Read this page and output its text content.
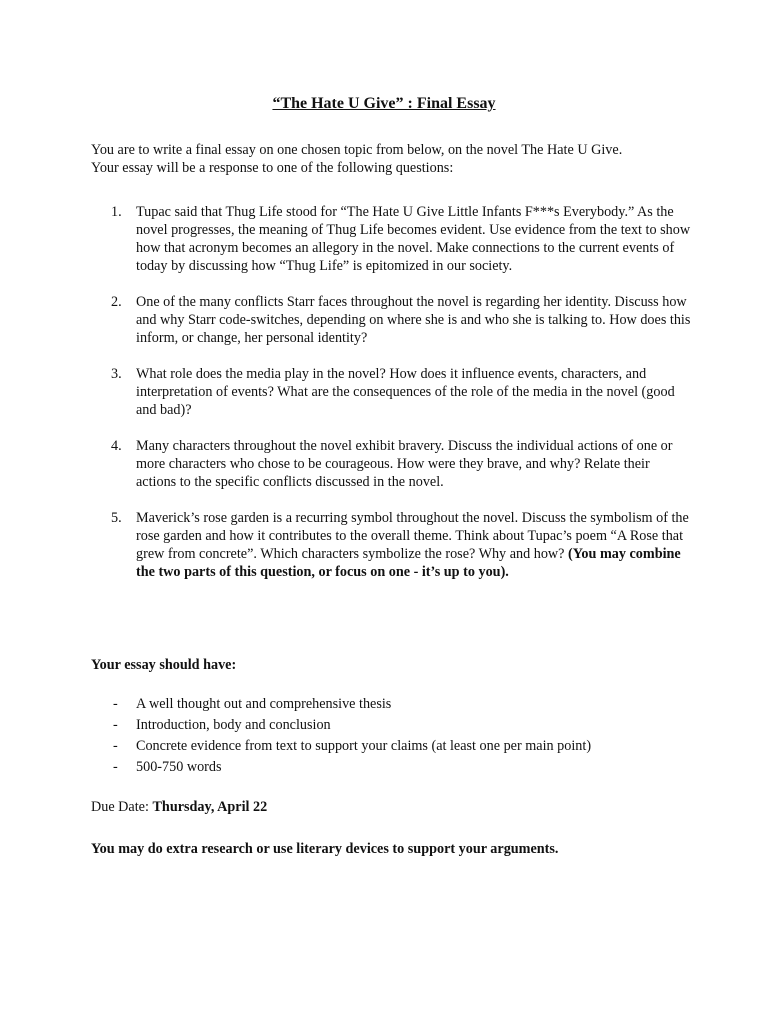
“The Hate U Give” : Final Essay

You are to write a final essay on one chosen topic from below, on the novel The Hate U Give.

Your essay will be a response to one of the following questions:

1. Tupac said that Thug Life stood for “The Hate U Give Little Infants F***s Everybody.” As the novel progresses, the meaning of Thug Life becomes evident. Use evidence from the text to show how that acronym becomes an allegory in the novel. Make connections to the current events of today by discussing how “Thug Life” is epitomized in our society.
2. One of the many conflicts Starr faces throughout the novel is regarding her identity. Discuss how and why Starr code-switches, depending on where she is and who she is talking to. How does this inform, or change, her personal identity?
3. What role does the media play in the novel? How does it influence events, characters, and interpretation of events? What are the consequences of the role of the media in the novel (good and bad)?
4. Many characters throughout the novel exhibit bravery. Discuss the individual actions of one or more characters who chose to be courageous. How were they brave, and why? Relate their actions to the specific conflicts discussed in the novel.
5. Maverick’s rose garden is a recurring symbol throughout the novel. Discuss the symbolism of the rose garden and how it contributes to the overall theme. Think about Tupac’s poem “A Rose that grew from concrete”. Which characters symbolize the rose? Why and how? (You may combine the two parts of this question, or focus on one - it’s up to you).
Your essay should have:
- A well thought out and comprehensive thesis
- Introduction, body and conclusion
- Concrete evidence from text to support your claims (at least one per main point)
- 500-750 words
Due Date: Thursday, April 22
You may do extra research or use literary devices to support your arguments.
